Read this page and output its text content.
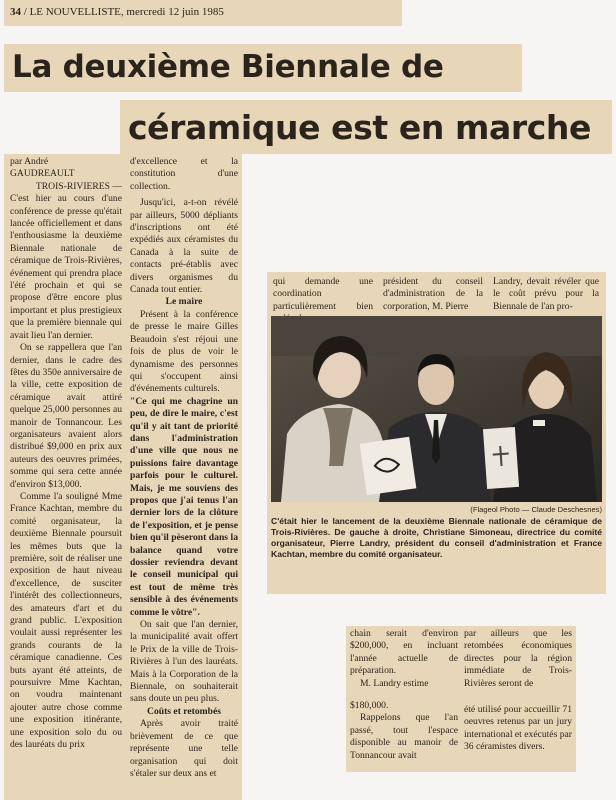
34 / LE NOUVELLISTE, mercredi 12 juin 1985
La deuxième Biennale de
céramique est en marche

par André

GAUDREAULT

TROIS-RIVIERES —

C'est hier au cours d'une conférence de presse qu'était lancée officiellement et dans l'enthousiasme la deuxième Biennale nationale de céramique de Trois-Rivières, événement qui prendra place l'été prochain et qui se propose d'être encore plus important et plus prestigieux que la première biennale qui avait lieu l'an dernier.

On se rappellera que l'an dernier, dans le cadre des fêtes du 350e anniversaire de la ville, cette exposition de céramique avait attiré quelque 25,000 personnes au manoir de Tonnancour. Les organisateurs avaient alors distribué $9,000 en prix aux auteurs des oeuvres primées, somme qui sera cette année d'environ $13,000.

Comme l'a souligné Mme France Kachtan, membre du comité organisateur, la deuxième Biennale poursuit les mêmes buts que la première, soit de réaliser une exposition de haut niveau d'excellence, de susciter l'intérêt des collectionneurs, des amateurs d'art et du grand public. L'exposition voulait aussi représenter les grands courants de la céramique canadienne. Ces buts ayant été atteints, de poursuivre Mme Kachtan, on voudra maintenant ajouter autre chose comme une exposition itinérante, une exposition solo du ou des lauréats du prix

d'excellence et la constitution d'une collection.

Jusqu'ici, a-t-on révélé par ailleurs, 5000 dépliants d'inscriptions ont été expédiés aux céramistes du Canada à la suite de contacts pré-établis avec divers organismes du Canada tout entier.

Le maire

Présent à la conférence de presse le maire Gilles Beaudoin s'est réjoui une fois de plus de voir le dynamisme des personnes qui s'occupent ainsi d'événements culturels.

"Ce qui me chagrine un peu, de dire le maire, c'est qu'il y ait tant de priorité dans l'administration d'une ville que nous ne puissions faire davantage parfois pour le culturel. Mais, je me souviens des propos que j'ai tenus l'an dernier lors de la clôture de l'exposition, et je pense bien qu'il pèseront dans la balance quand votre dossier reviendra devant le conseil municipal qui est tout de même très sensible à des événements comme le vôtre".

On sait que l'an dernier, la municipalité avait offert le Prix de la ville de Trois-Rivières à l'un des lauréats. Mais à la Corporation de la Biennale, on souhaiterait sans doute un peu plus.

Coûts et retombés

Après avoir traité brièvement de ce que représente une telle organisation qui doit s'étaler sur deux ans et

qui demande une coordination particulièrement bien
président du conseil d'administration de la corporation, M. Pierre
Landry, devait révéler que le coût prévu pour la Biennale de l'an pro-
(Flageol Photo — Claude Deschesnes)
C'était hier le lancement de la deuxième Biennale nationale de céramique de Trois-Rivières. De gauche à droite, Christiane Simoneau, directrice du comité organisateur, Pierre Landry, président du conseil d'administration et France Kachtan, membre du comité organisateur.

chain serait d'environ $200,000, en incluant l'année actuelle de préparation.

M. Landry estime

$180,000.

Rappelons que l'an passé, tout l'espace disponible au manoir de Tonnancour avait

par ailleurs que les retombées économiques directes pour la région immédiate de Trois-Rivières seront de

été utilisé pour accueillir 71 oeuvres retenus par un jury international et exécutés par 36 céramistes divers.
